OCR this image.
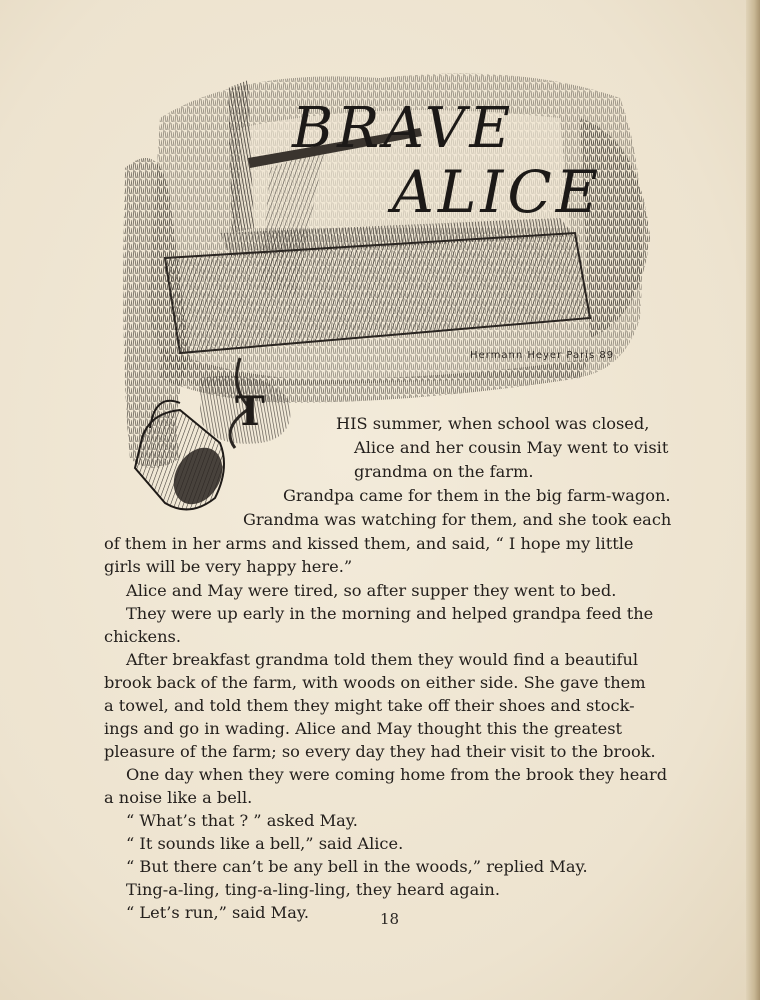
BRAVE
ALICE
Hermann Heyer Paris 89
T	HIS summer, when school was closed,
Alice and her cousin May went to visit
grandma on the farm.
Grandpa came for them in the big farm-wagon.
Grandma was watching for them, and she took each
of them in her arms and kissed them, and said, “ I hope my little
girls will be very happy here.”
Alice and May were tired, so after supper they went to bed.
They were up early in the morning and helped grandpa feed the
chickens.
After breakfast grandma told them they would find a beautiful
brook back of the farm, with woods on either side. She gave them
a towel, and told them they might take off their shoes and stock-
ings and go in wading. Alice and May thought this the greatest
pleasure of the farm; so every day they had their visit to the brook.
One day when they were coming home from the brook they heard
a noise like a bell.
“ What’s that ? ” asked May.
“ It sounds like a bell,” said Alice.
“ But there can’t be any bell in the woods,” replied May.
Ting-a-ling, ting-a-ling-ling, they heard again.
“ Let’s run,” said May.	18
